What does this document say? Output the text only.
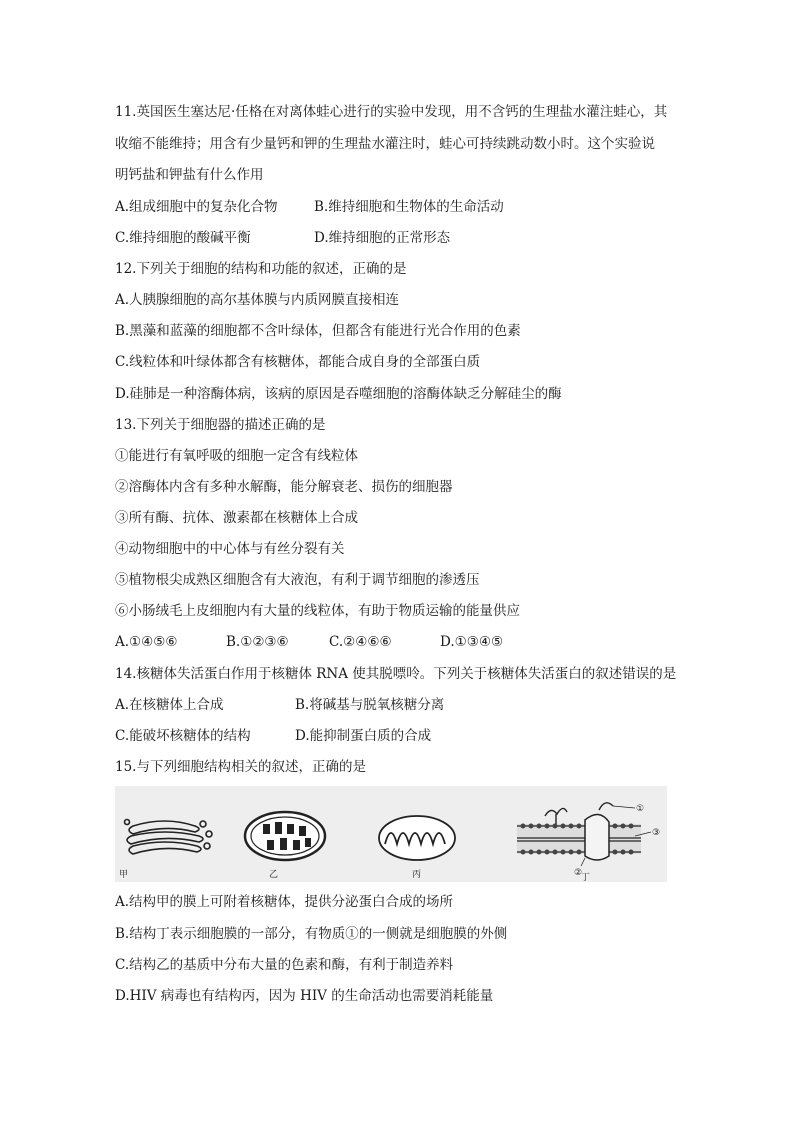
11.英国医生塞达尼·任格在对离体蛙心进行的实验中发现，用不含钙的生理盐水灌注蛙心，其
收缩不能维持；用含有少量钙和钾的生理盐水灌注时，蛙心可持续跳动数小时。这个实验说
明钙盐和钾盐有什么作用
A.组成细胞中的复杂化合物	B.维持细胞和生物体的生命活动
C.维持细胞的酸碱平衡	D.维持细胞的正常形态
12.下列关于细胞的结构和功能的叙述，正确的是
A.人胰腺细胞的高尔基体膜与内质网膜直接相连
B.黑藻和蓝藻的细胞都不含叶绿体，但都含有能进行光合作用的色素
C.线粒体和叶绿体都含有核糖体，都能合成自身的全部蛋白质
D.硅肺是一种溶酶体病，该病的原因是吞噬细胞的溶酶体缺乏分解硅尘的酶
13.下列关于细胞器的描述正确的是
①能进行有氧呼吸的细胞一定含有线粒体
②溶酶体内含有多种水解酶，能分解衰老、损伤的细胞器
③所有酶、抗体、激素都在核糖体上合成
④动物细胞中的中心体与有丝分裂有关
⑤植物根尖成熟区细胞含有大液泡，有利于调节细胞的渗透压
⑥小肠绒毛上皮细胞内有大量的线粒体，有助于物质运输的能量供应
A.①④⑤⑥	B.①②③⑥	C.②④⑥⑥	D.①③④⑤
14.核糖体失活蛋白作用于核糖体 RNA 使其脱嘌呤。下列关于核糖体失活蛋白的叙述错误的是
A.在核糖体上合成	B.将碱基与脱氧核糖分离
C.能破坏核糖体的结构	D.能抑制蛋白质的合成
15.与下列细胞结构相关的叙述，正确的是
①
②
③
甲	乙	丙	丁
A.结构甲的膜上可附着核糖体，提供分泌蛋白合成的场所
B.结构丁表示细胞膜的一部分，有物质①的一侧就是细胞膜的外侧
C.结构乙的基质中分布大量的色素和酶，有利于制造养料
D.HIV 病毒也有结构丙，因为 HIV 的生命活动也需要消耗能量
